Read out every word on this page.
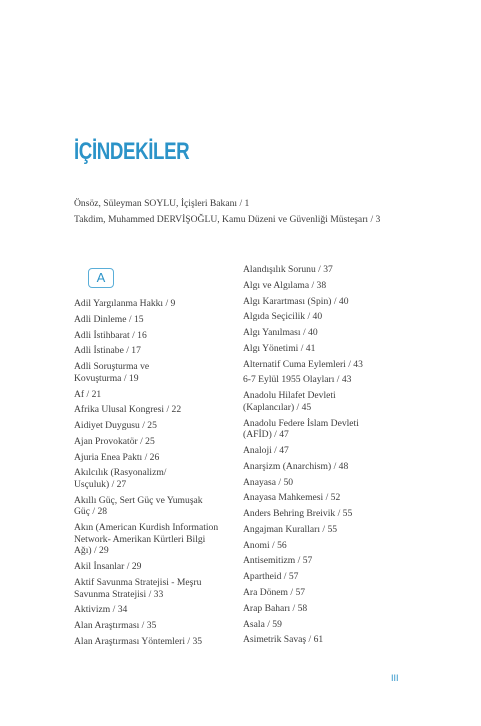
İÇİNDEKİLER
Önsöz, Süleyman SOYLU, İçişleri Bakanı / 1
Takdim, Muhammed DERVİŞOĞLU, Kamu Düzeni ve Güvenliği Müsteşarı / 3
A
Adil Yargılanma Hakkı / 9
Adli Dinleme / 15
Adli İstihbarat / 16
Adli İstinabe / 17
Adli Soruşturma ve
Kovuşturma / 19
Af / 21
Afrika Ulusal Kongresi / 22
Aidiyet Duygusu / 25
Ajan Provokatör / 25
Ajuria Enea Paktı / 26
Akılcılık (Rasyonalizm/
Usçuluk) / 27
Akıllı Güç, Sert Güç ve Yumuşak
Güç / 28
Akın (American Kurdish Information
Network- Amerikan Kürtleri Bilgi
Ağı) / 29
Akil İnsanlar / 29
Aktif Savunma Stratejisi - Meşru
Savunma Stratejisi / 33
Aktivizm / 34
Alan Araştırması / 35
Alan Araştırması Yöntemleri / 35
Alandışılık Sorunu / 37
Algı ve Algılama / 38
Algı Karartması (Spin) / 40
Algıda Seçicilik / 40
Algı Yanılması / 40
Algı Yönetimi / 41
Alternatif Cuma Eylemleri / 43
6-7 Eylül 1955 Olayları / 43
Anadolu Hilafet Devleti
(Kaplancılar) / 45
Anadolu Federe İslam Devleti
(AFİD) / 47
Analoji / 47
Anarşizm (Anarchism) / 48
Anayasa / 50
Anayasa Mahkemesi / 52
Anders Behring Breivik / 55
Angajman Kuralları / 55
Anomi / 56
Antisemitizm / 57
Apartheid / 57
Ara Dönem / 57
Arap Baharı / 58
Asala / 59
Asimetrik Savaş / 61
III
